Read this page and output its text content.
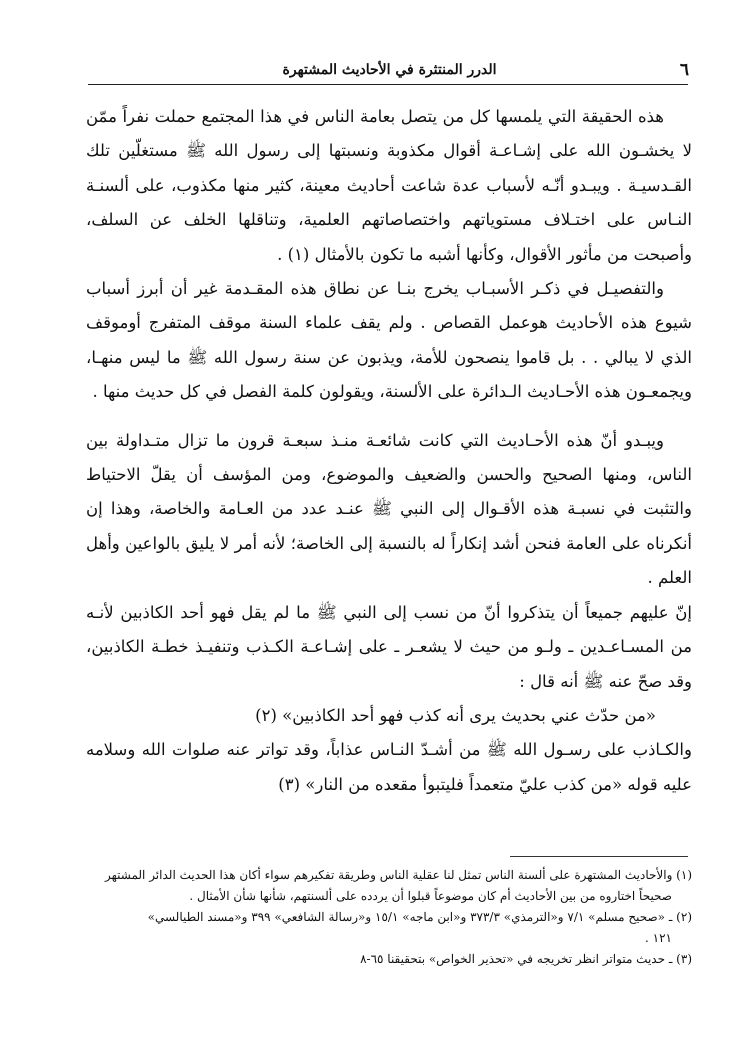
٦
الدرر المنتثرة في الأحاديث المشتهرة

هذه الحقيقة التي يلمسها كل من يتصل بعامة الناس في هذا المجتمع حملت نفراً ممّن لا يخشـون الله على إشـاعـة أقوال مكذوبة ونسبتها إلى رسول الله ﷺ مستغلّين تلك القـدسيـة . ويبـدو أنّـه لأسباب عدة شاعت أحاديث معينة، كثير منها مكذوب، على ألسنـة النـاس على اختـلاف مستوياتهم واختصاصاتهم العلمية، وتناقلها الخلف عن السلف، وأصبحت من مأثور الأقوال، وكأنها أشبه ما تكون بالأمثال (١) .

والتفصيـل في ذكـر الأسبـاب يخرج بنـا عن نطاق هذه المقـدمة غير أن أبرز أسباب شيوع هذه الأحاديث هوعمل القصاص . ولم يقف علماء السنة موقف المتفرج أوموقف الذي لا يبالي . . بل قاموا ينصحون للأمة، ويذبون عن سنة رسول الله ﷺ ما ليس منهـا، ويجمعـون هذه الأحـاديث الـدائرة على الألسنة، ويقولون كلمة الفصل في كل حديث منها .

ويبـدو أنّ هذه الأحـاديث التي كانت شائعـة منـذ سبعـة قرون ما تزال متـداولة بين الناس، ومنها الصحيح والحسن والضعيف والموضوع، ومن المؤسف أن يقلّ الاحتياط والتثبت في نسبـة هذه الأقـوال إلى النبي ﷺ عنـد عدد من العـامة والخاصة، وهذا إن أنكرناه على العامة فنحن أشد إنكاراً له بالنسبة إلى الخاصة؛ لأنه أمر لا يليق بالواعين وأهل العلم .

إنّ عليهم جميعاً أن يتذكروا أنّ من نسب إلى النبي ﷺ ما لم يقل فهو أحد الكاذبين لأنـه من المسـاعـدين ـ ولـو من حيث لا يشعـر ـ على إشـاعـة الكـذب وتنفيـذ خطـة الكاذبين، وقد صحّ عنه ﷺ أنه قال :

«من حدّث عني بحديث يرى أنه كذب فهو أحد الكاذبين» (٢)

والكـاذب على رسـول الله ﷺ من أشـدّ النـاس عذاباً، وقد تواتر عنه صلوات الله وسلامه عليه قوله «من كذب عليّ متعمداً فليتبوأ مقعده من النار» (٣)

(١) والأحاديث المشتهرة على ألسنة الناس تمثل لنا عقلية الناس وطريقة تفكيرهم سواء أكان هذا الحديث الدائر المشتهر

صحيحاً اختاروه من بين الأحاديث أم كان موضوعاً قبلوا أن يردده على ألسنتهم، شأنها شأن الأمثال .

(٢) ـ «صحيح مسلم» ٧/١ و«الترمذي» ٣٧٣/٣ و«ابن ماجه» ١٥/١ و«رسالة الشافعي» ٣٩٩ و«مسند الطيالسي»

١٢١ .

(٣) ـ حديث متواتر انظر تخريجه في «تحذير الخواص» بتحقيقنا ٦٥-٨
